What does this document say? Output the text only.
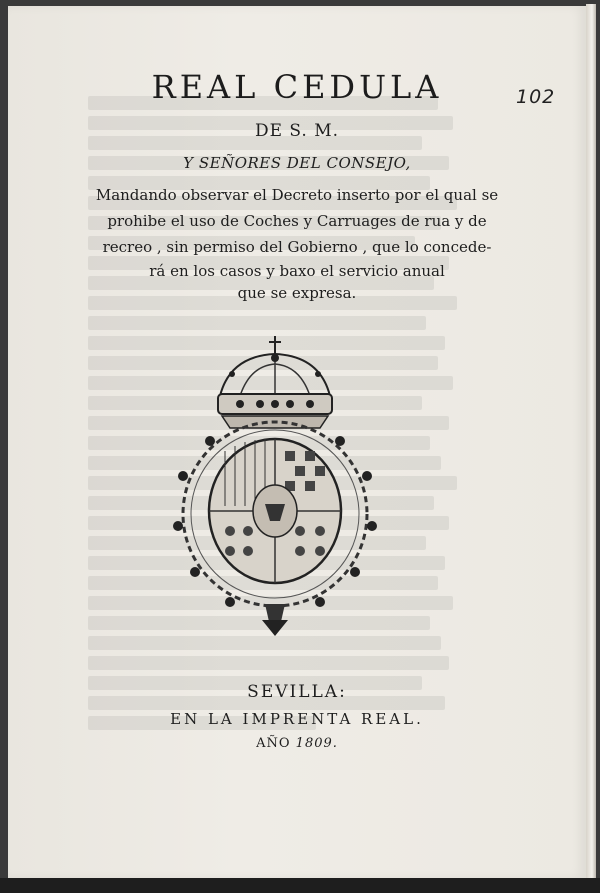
102
REAL CEDULA
DE S. M.
Y SEÑORES DEL CONSEJO,
Mandando observar el Decreto inserto por el qual se
prohibe el uso de Coches y Carruages de rua y de
recreo , sin permiso del Gobierno , que lo concede-
rá en los casos y baxo el servicio anual
que se expresa.
SEVILLA:
EN LA IMPRENTA REAL.
AÑO 1809.
